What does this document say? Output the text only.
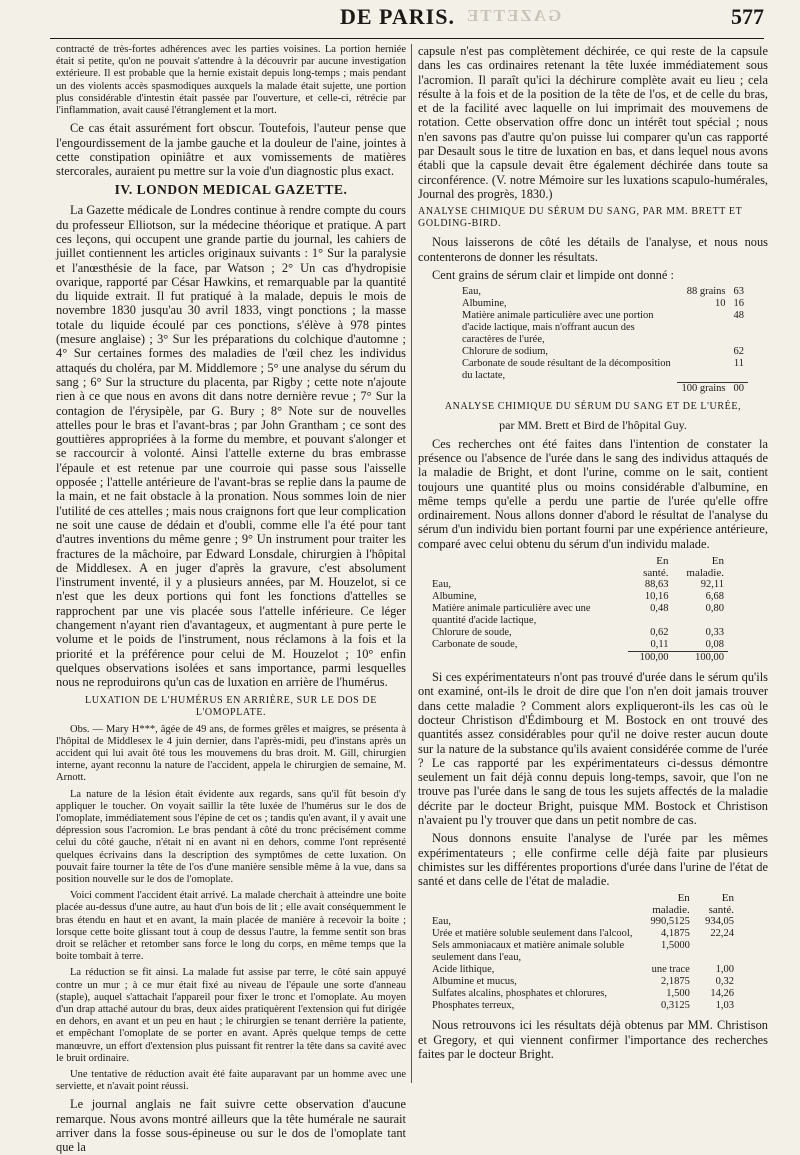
GAZETTE
DE PARIS.	577

contracté de très-fortes adhérences avec les parties voisines. La portion herniée était si petite, qu'on ne pouvait s'attendre à la découvrir par aucune investigation extérieure. Il est probable que la hernie existait depuis long-temps ; mais pendant un des violents accès spasmodiques auxquels la malade était sujette, une portion plus considérable d'intestin était passée par l'ouverture, et celle-ci, rétrécie par l'inflammation, avait causé l'étranglement et la mort.

Ce cas était assurément fort obscur. Toutefois, l'auteur pense que l'engourdissement de la jambe gauche et la douleur de l'aine, jointes à cette constipation opiniâtre et aux vomissements de matières stercorales, auraient pu mettre sur la voie d'un diagnostic plus exact.

IV. LONDON MEDICAL GAZETTE.

La Gazette médicale de Londres continue à rendre compte du cours du professeur Elliotson, sur la médecine théorique et pratique. A part ces leçons, qui occupent une grande partie du journal, les cahiers de juillet contiennent les articles originaux suivants : 1° Sur la paralysie et l'anœsthésie de la face, par Watson ; 2° Un cas d'hydropisie ovarique, rapporté par César Hawkins, et remarquable par la quantité du liquide extrait. Il fut pratiqué à la malade, depuis le mois de novembre 1830 jusqu'au 30 avril 1833, vingt ponctions ; la masse totale du liquide écoulé par ces ponctions, s'élève à 978 pintes (mesure anglaise) ; 3° Sur les préparations du colchique d'automne ; 4° Sur certaines formes des maladies de l'œil chez les individus attaqués du choléra, par M. Middlemore ; 5° une analyse du sérum du sang ; 6° Sur la structure du placenta, par Rigby ; cette note n'ajoute rien à ce que nous en avons dit dans notre dernière revue ; 7° Sur la contagion de l'érysipèle, par G. Bury ; 8° Note sur de nouvelles attelles pour le bras et l'avant-bras ; par John Grantham ; ce sont des gouttières appropriées à la forme du membre, et pouvant s'alonger et se raccourcir à volonté. Ainsi l'attelle externe du bras embrasse l'épaule et est retenue par une courroie qui passe sous l'aisselle opposée ; l'attelle antérieure de l'avant-bras se replie dans la paume de la main, et ne fait obstacle à la pronation. Nous sommes loin de nier l'utilité de ces attelles ; mais nous craignons fort que leur complication ne soit une cause de dédain et d'oubli, comme elle l'a été pour tant d'autres inventions du même genre ; 9° Un instrument pour traiter les fractures de la mâchoire, par Edward Lonsdale, chirurgien à l'hôpital de Middlesex. A en juger d'après la gravure, c'est absolument l'instrument inventé, il y a plusieurs années, par M. Houzelot, si ce n'est que les deux portions qui font les fonctions d'attelles se rapprochent par une vis placée sous l'attelle inférieure. Ce léger changement n'ayant rien d'avantageux, et augmentant à pure perte le volume et le poids de l'instrument, nous réclamons à la fois et la priorité et la préférence pour celui de M. Houzelot ; 10° enfin quelques observations isolées et sans importance, parmi lesquelles nous ne reproduirons qu'un cas de luxation en arrière de l'humérus.

LUXATION DE L'HUMÉRUS EN ARRIÈRE, SUR LE DOS DE L'OMOPLATE.

Obs. — Mary H***, âgée de 49 ans, de formes grêles et maigres, se présenta à l'hôpital de Middlesex le 4 juin dernier, dans l'après-midi, peu d'instans après un accident qui lui avait ôté tous les mouvemens du bras droit. M. Gill, chirurgien interne, ayant reconnu la nature de l'accident, appela le chirurgien de semaine, M. Arnott.

La nature de la lésion était évidente aux regards, sans qu'il fût besoin d'y appliquer le toucher. On voyait saillir la tête luxée de l'humérus sur le dos de l'omoplate, immédiatement sous l'épine de cet os ; tandis qu'en avant, il y avait une dépression sous l'acromion. Le bras pendant à côté du tronc précisément comme celui du côté gauche, n'était ni en avant ni en dehors, comme l'ont représenté quelques écrivains dans la description des symptômes de cette luxation. On pouvait faire tourner la tête de l'os d'une manière sensible même à la vue, dans sa position nouvelle sur le dos de l'omoplate.

Voici comment l'accident était arrivé. La malade cherchait à atteindre une boite placée au-dessus d'une autre, au haut d'un bois de lit ; elle avait conséquemment le bras étendu en haut et en avant, la main placée de manière à recevoir la boite ; lorsque cette boite glissant tout à coup de dessus l'autre, la femme sentit son bras droit se relâcher et retomber sans force le long du corps, en même temps que la boite tombait à terre.

La réduction se fit ainsi. La malade fut assise par terre, le côté sain appuyé contre un mur ; à ce mur était fixé au niveau de l'épaule une sorte d'anneau (staple), auquel s'attachait l'appareil pour fixer le tronc et l'omoplate. Au moyen d'un drap attaché autour du bras, deux aides pratiquèrent l'extension qui fut dirigée en dehors, en avant et un peu en haut ; le chirurgien se tenant derrière la patiente, et empêchant l'omoplate de se porter en avant. Après quelque temps de cette manœuvre, un effort d'extension plus puissant fit rentrer la tête dans sa cavité avec le bruit ordinaire.

Une tentative de réduction avait été faite auparavant par un homme avec une serviette, et n'avait point réussi.

Le journal anglais ne fait suivre cette observation d'aucune remarque. Nous avons montré ailleurs que la tête humérale ne saurait arriver dans la fosse sous-épineuse ou sur le dos de l'omoplate tant que la

capsule n'est pas complètement déchirée, ce qui reste de la capsule dans les cas ordinaires retenant la tête luxée immédiatement sous l'acromion. Il paraît qu'ici la déchirure complète avait eu lieu ; cela résulte à la fois et de la position de la tête de l'os, et de celle du bras, et de la facilité avec laquelle on lui imprimait des mouvemens de rotation. Cette observation offre donc un intérêt tout spécial ; nous n'en savons pas d'autre qu'on puisse lui comparer qu'un cas rapporté par Desault sous le titre de luxation en bas, et dans lequel nous avons établi que la capsule devait être également déchirée dans toute sa circonférence. (V. notre Mémoire sur les luxations scapulo-humérales, Journal des progrès, 1830.)

ANALYSE CHIMIQUE DU SÉRUM DU SANG, PAR MM. BRETT ET GOLDING-BIRD.

Nous laisserons de côté les détails de l'analyse, et nous nous contenterons de donner les résultats.

Cent grains de sérum clair et limpide ont donné :

Eau,	88 grains	63
Albumine,	10	16
Matière animale particulière avec une portion d'acide lactique, mais n'offrant aucun des caractères de l'urée,		48
Chlorure de sodium,		62
Carbonate de soude résultant de la décomposition du lactate,		11
	100 grains	00
ANALYSE CHIMIQUE DU SÉRUM DU SANG ET DE L'URÉE,

par MM. Brett et Bird de l'hôpital Guy.

Ces recherches ont été faites dans l'intention de constater la présence ou l'absence de l'urée dans le sang des individus attaqués de la maladie de Bright, et dont l'urine, comme on le sait, contient toujours une quantité plus ou moins considérable d'albumine, en même temps qu'elle a perdu une partie de l'urée qu'elle offre ordinairement. Nous allons donner d'abord le résultat de l'analyse du sérum d'un individu bien portant fourni par une expérience antérieure, comparé avec celui obtenu du sérum d'un individu malade.

	En santé.	En maladie.
Eau,	88,63	92,11
Albumine,	10,16	6,68
Matière animale particulière avec une quantité d'acide lactique,	0,48	0,80
Chlorure de soude,	0,62	0,33
Carbonate de soude,	0,11	0,08
	100,00	100,00

Si ces expérimentateurs n'ont pas trouvé d'urée dans le sérum qu'ils ont examiné, ont-ils le droit de dire que l'on n'en doit jamais trouver dans cette maladie ? Comment alors expliqueront-ils les cas où le docteur Christison d'Édimbourg et M. Bostock en ont trouvé des quantités assez considérables pour qu'il ne doive rester aucun doute sur la nature de la substance qu'ils avaient considérée comme de l'urée ? Le cas rapporté par les expérimentateurs ci-dessus démontre seulement un fait déjà connu depuis long-temps, savoir, que l'on ne trouve pas l'urée dans le sang de tous les sujets affectés de la maladie décrite par le docteur Bright, puisque MM. Bostock et Christison n'avaient pu l'y trouver que dans un petit nombre de cas.

Nous donnons ensuite l'analyse de l'urée par les mêmes expérimentateurs ; elle confirme celle déjà faite par plusieurs chimistes sur les différentes proportions d'urée dans l'urine de l'état de santé et dans celle de l'état de maladie.

	En maladie.	En santé.
Eau,	990,5125	934,05
Urée et matière soluble seulement dans l'alcool,	4,1875	22,24
Sels ammoniacaux et matière animale soluble seulement dans l'eau,	1,5000	
Acide lithique,	une trace	1,00
Albumine et mucus,	2,1875	0,32
Sulfates alcalins, phosphates et chlorures,	1,500	14,26
Phosphates terreux,	0,3125	1,03

Nous retrouvons ici les résultats déjà obtenus par MM. Christison et Gregory, et qui viennent confirmer l'importance des recherches faites par le docteur Bright.
